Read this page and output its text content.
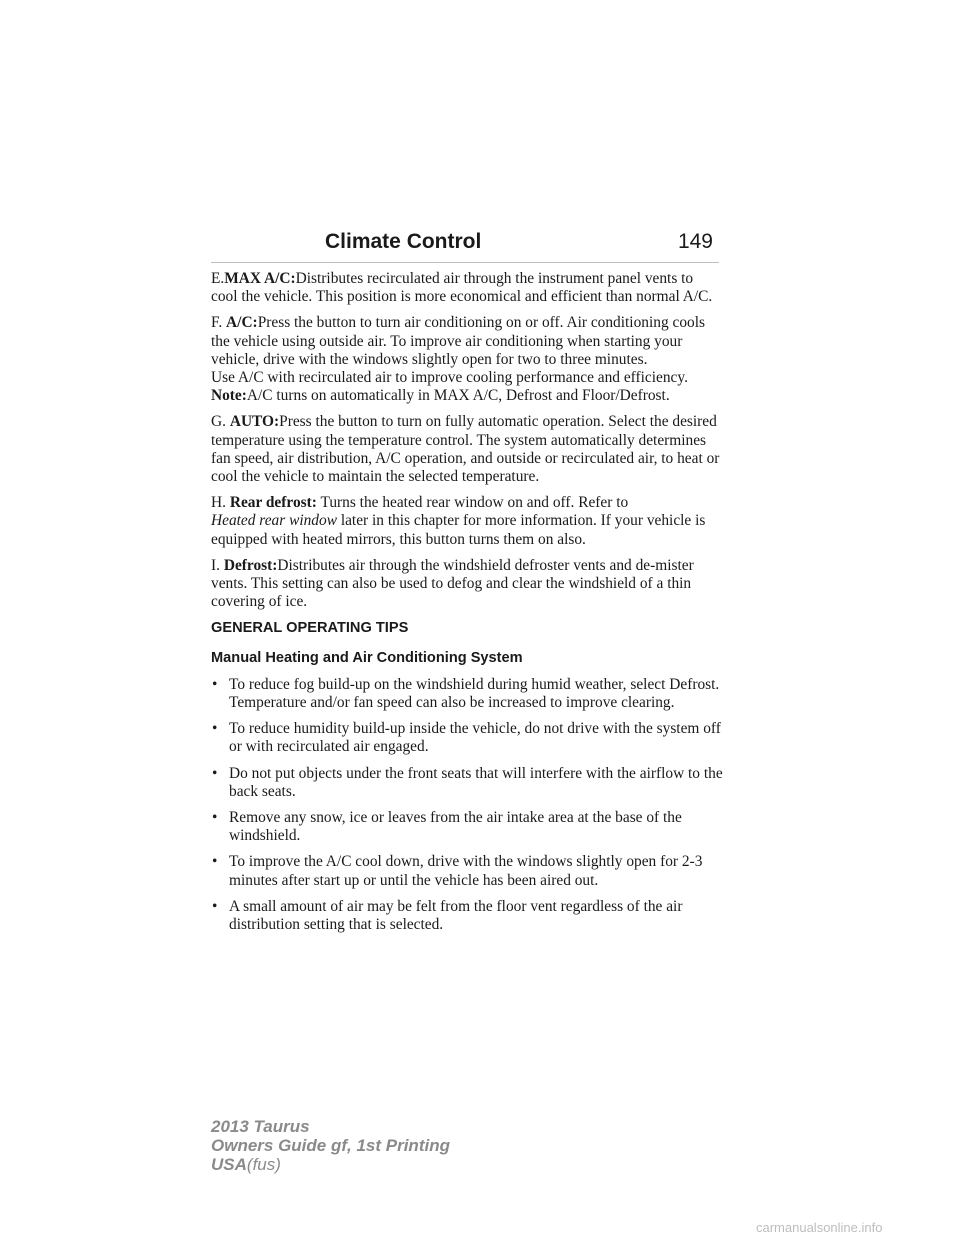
Climate Control	149

E.MAX A/C:Distributes recirculated air through the instrument panel vents to cool the vehicle. This position is more economical and efficient than normal A/C.

F. A/C:Press the button to turn air conditioning on or off. Air conditioning cools the vehicle using outside air. To improve air conditioning when starting your vehicle, drive with the windows slightly open for two to three minutes.

Use A/C with recirculated air to improve cooling performance and efficiency.

Note:A/C turns on automatically in MAX A/C, Defrost and Floor/Defrost.

G. AUTO:Press the button to turn on fully automatic operation. Select the desired temperature using the temperature control. The system automatically determines fan speed, air distribution, A/C operation, and outside or recirculated air, to heat or cool the vehicle to maintain the selected temperature.

H. Rear defrost: Turns the heated rear window on and off. Refer to
Heated rear window later in this chapter for more information. If your vehicle is equipped with heated mirrors, this button turns them on also.

I. Defrost:Distributes air through the windshield defroster vents and de-mister vents. This setting can also be used to defog and clear the windshield of a thin covering of ice.

GENERAL OPERATING TIPS
Manual Heating and Air Conditioning System
• To reduce fog build-up on the windshield during humid weather, select Defrost. Temperature and/or fan speed can also be increased to improve clearing.
• To reduce humidity build-up inside the vehicle, do not drive with the system off or with recirculated air engaged.
• Do not put objects under the front seats that will interfere with the airflow to the back seats.
• Remove any snow, ice or leaves from the air intake area at the base of the windshield.
• To improve the A/C cool down, drive with the windows slightly open for 2-3 minutes after start up or until the vehicle has been aired out.
• A small amount of air may be felt from the floor vent regardless of the air distribution setting that is selected.
2013 Taurus
Owners Guide gf, 1st Printing
USA(fus)
carmanualsonline.info
